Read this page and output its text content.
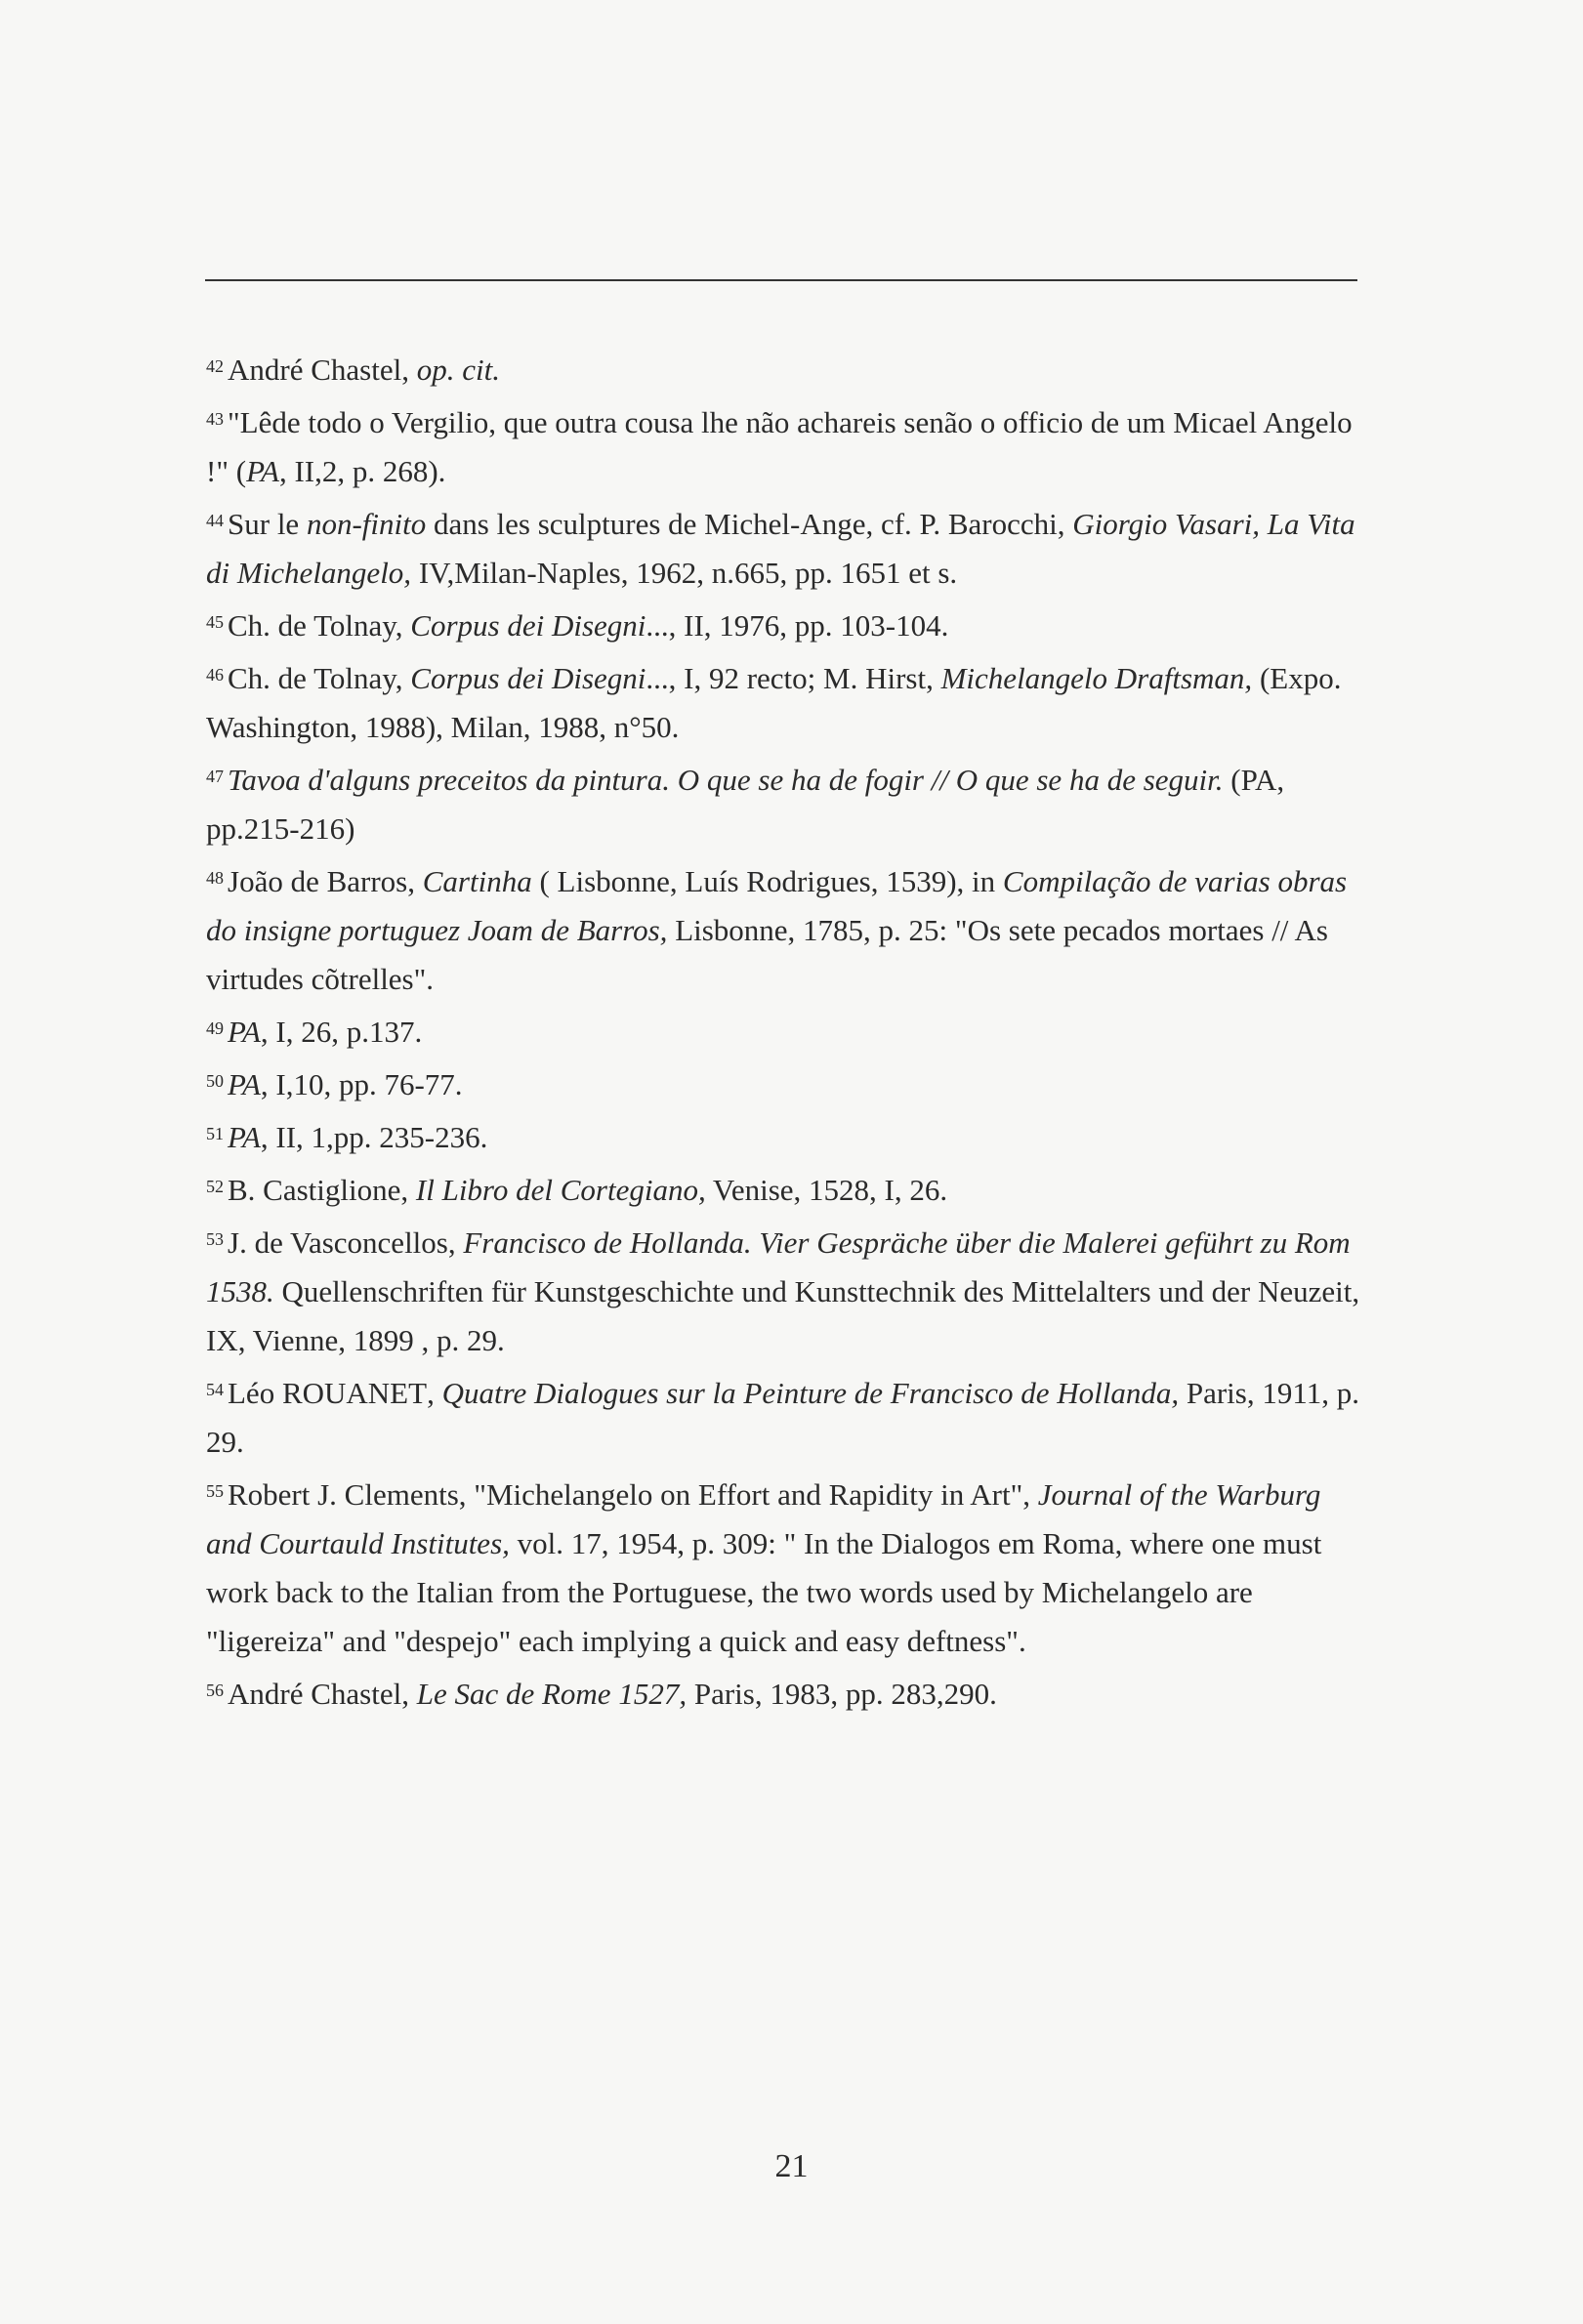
$^{42}$ André Chastel, op. cit.

$^{43}$ "Lêde todo o Vergilio, que outra cousa lhe não achareis senão o officio de um Micael Angelo !" (PA, II,2, p. 268).

$^{44}$ Sur le non-finito dans les sculptures de Michel-Ange, cf. P. Barocchi, Giorgio Vasari, La Vita di Michelangelo, IV,Milan-Naples, 1962, n.665, pp. 1651 et s.

$^{45}$ Ch. de Tolnay, Corpus dei Disegni..., II, 1976, pp. 103-104.

$^{46}$ Ch. de Tolnay, Corpus dei Disegni..., I, 92 recto; M. Hirst, Michelangelo Draftsman, (Expo. Washington, 1988), Milan, 1988, n°50.

$^{47}$ Tavoa d'alguns preceitos da pintura. O que se ha de fogir // O que se ha de seguir. (PA, pp.215-216)

$^{48}$ João de Barros, Cartinha ( Lisbonne, Luís Rodrigues, 1539), in Compilação de varias obras do insigne portuguez Joam de Barros, Lisbonne, 1785, p. 25: "Os sete pecados mortaes // As virtudes cõtrelles".

$^{49}$ PA, I, 26, p.137.

$^{50}$ PA, I,10, pp. 76-77.

$^{51}$ PA, II, 1,pp. 235-236.

$^{52}$ B. Castiglione, Il Libro del Cortegiano, Venise, 1528, I, 26.

$^{53}$ J. de Vasconcellos, Francisco de Hollanda. Vier Gespräche über die Malerei geführt zu Rom 1538. Quellenschriften für Kunstgeschichte und Kunsttechnik des Mittelalters und der Neuzeit, IX, Vienne, 1899 , p. 29.

$^{54}$ Léo ROUANET, Quatre Dialogues sur la Peinture de Francisco de Hollanda, Paris, 1911, p. 29.

$^{55}$ Robert J. Clements, "Michelangelo on Effort and Rapidity in Art", Journal of the Warburg and Courtauld Institutes, vol. 17, 1954, p. 309: " In the Dialogos em Roma, where one must work back to the Italian from the Portuguese, the two words used by Michelangelo are "ligereiza" and "despejo" each implying a quick and easy deftness".

$^{56}$ André Chastel, Le Sac de Rome 1527, Paris, 1983, pp. 283,290.

21
